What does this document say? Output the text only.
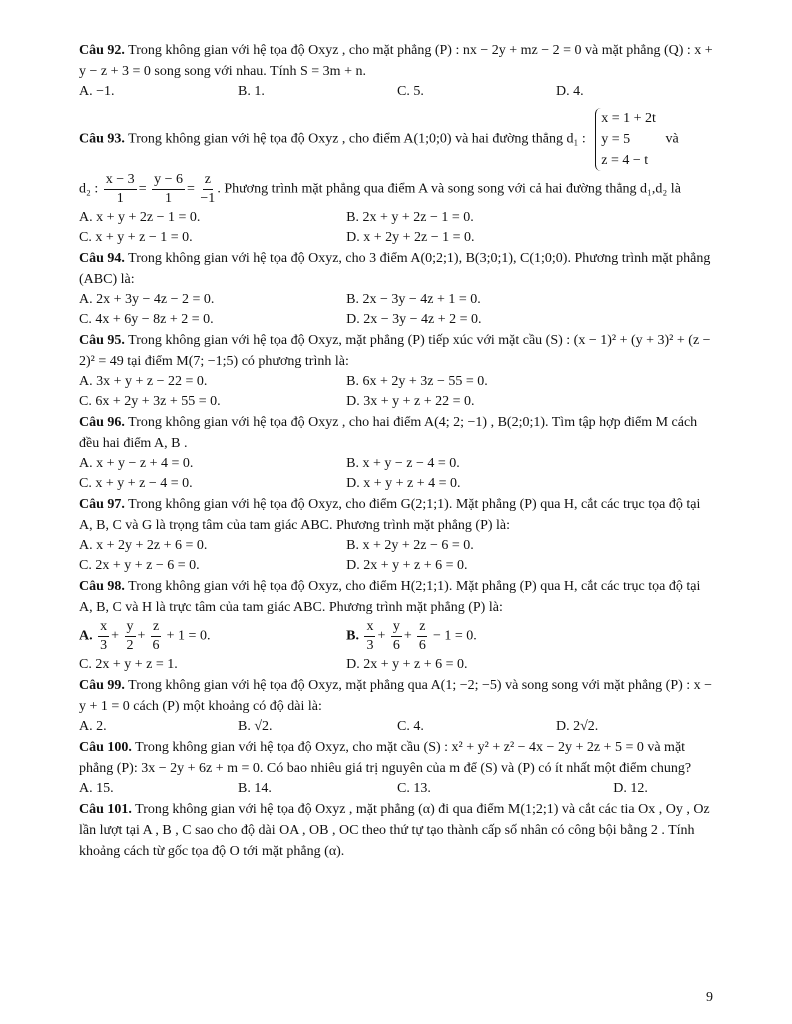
Câu 92. Trong không gian với hệ tọa độ Oxyz , cho mặt phẳng (P) : nx − 2y + mz − 2 = 0 và mặt phẳng (Q) : x + y − z + 3 = 0 song song với nhau. Tính S = 3m + n.

A. −1.	B. 1.	C. 5.	D. 4.

Câu 93. Trong không gian với hệ tọa độ Oxyz , cho điểm A(1;0;0) và hai đường thẳng d₁ : x = 1 + 2t
y = 5
z = 4 − t và

d₂ : $\frac{x - 3}{1} = \frac{y - 6}{1} = \frac{z}{-1}$ . Phương trình mặt phẳng qua điểm A và song song với cả hai đường thẳng d₁,d₂ là

A. x + y + 2z − 1 = 0.	B. 2x + y + 2z − 1 = 0.
C. x + y + z − 1 = 0.	D. x + 2y + 2z − 1 = 0.

Câu 94. Trong không gian với hệ tọa độ Oxyz, cho 3 điểm A(0;2;1), B(3;0;1), C(1;0;0). Phương trình mặt phẳng (ABC) là:

A. 2x + 3y − 4z − 2 = 0.	B. 2x − 3y − 4z + 1 = 0.
C. 4x + 6y − 8z + 2 = 0.	D. 2x − 3y − 4z + 2 = 0.

Câu 95. Trong không gian với hệ tọa độ Oxyz, mặt phẳng (P) tiếp xúc với mặt cầu (S) : (x − 1)² + (y + 3)² + (z − 2)² = 49 tại điểm M(7; −1;5) có phương trình là:

A. 3x + y + z − 22 = 0.	B. 6x + 2y + 3z − 55 = 0.
C. 6x + 2y + 3z + 55 = 0.	D. 3x + y + z + 22 = 0.

Câu 96. Trong không gian với hệ tọa độ Oxyz , cho hai điểm A(4; 2; −1) , B(2;0;1). Tìm tập hợp điểm M cách đều hai điểm A, B .

A. x + y − z + 4 = 0.	B. x + y − z − 4 = 0.
C. x + y + z − 4 = 0.	D. x + y + z + 4 = 0.

Câu 97. Trong không gian với hệ tọa độ Oxyz, cho điểm G(2;1;1). Mặt phẳng (P) qua H, cắt các trục tọa độ tại A, B, C và G là trọng tâm của tam giác ABC. Phương trình mặt phẳng (P) là:

A. x + 2y + 2z + 6 = 0.	B. x + 2y + 2z − 6 = 0.
C. 2x + y + z − 6 = 0.	D. 2x + y + z + 6 = 0.

Câu 98. Trong không gian với hệ tọa độ Oxyz, cho điểm H(2;1;1). Mặt phẳng (P) qua H, cắt các trục tọa độ tại A, B, C và H là trực tâm của tam giác ABC. Phương trình mặt phẳng (P) là:

A. $\frac{x}{3} + \frac{y}{2} + \frac{z}{6} + 1 = 0$.	B. $\frac{x}{3} + \frac{y}{6} + \frac{z}{6} - 1 = 0$.
C. 2x + y + z = 1.	D. 2x + y + z + 6 = 0.

Câu 99. Trong không gian với hệ tọa độ Oxyz, mặt phẳng qua A(1; −2; −5) và song song với mặt phẳng (P) : x − y + 1 = 0 cách (P) một khoảng có độ dài là:

A. 2.	B. √2.	C. 4.	D. 2√2.

Câu 100. Trong không gian với hệ tọa độ Oxyz, cho mặt cầu (S) : x² + y² + z² − 4x − 2y + 2z + 5 = 0 và mặt phẳng (P): 3x − 2y + 6z + m = 0. Có bao nhiêu giá trị nguyên của m để (S) và (P) có ít nhất một điểm chung?

A. 15.	B. 14.	C. 13.	D. 12.

Câu 101. Trong không gian với hệ tọa độ Oxyz , mặt phẳng (α) đi qua điểm M(1;2;1) và cắt các tia Ox , Oy , Oz lần lượt tại A , B , C sao cho độ dài OA , OB , OC theo thứ tự tạo thành cấp số nhân có công bội bằng 2 . Tính khoảng cách từ gốc tọa độ O tới mặt phẳng (α).

9
